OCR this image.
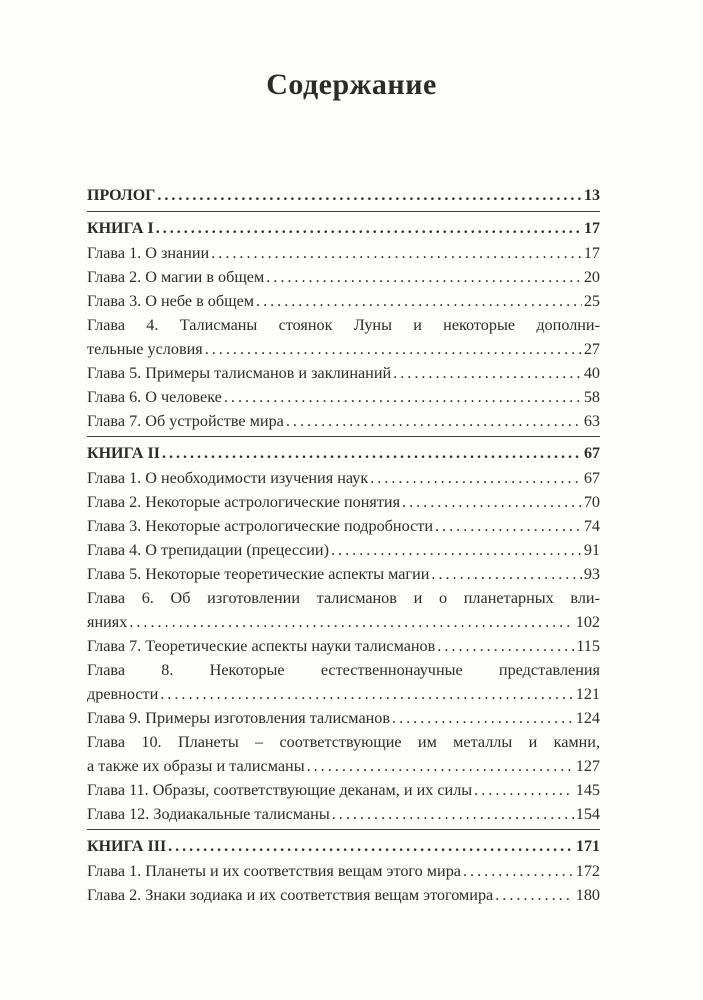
Содержание
ПРОЛОГ .....	13
КНИГА I .....	17
Глава 1. О знании .....	17
Глава 2. О магии в общем .....	20
Глава 3. О небе в общем .....	25
Глава 4. Талисманы стоянок Луны и некоторые дополни-
тельные условия .....	27
Глава 5. Примеры талисманов и заклинаний .....	40
Глава 6. О человеке .....	58
Глава 7. Об устройстве мира .....	63
КНИГА II .....	67
Глава 1. О необходимости изучения наук .....	67
Глава 2. Некоторые астрологические понятия .....	70
Глава 3. Некоторые астрологические подробности .....	74
Глава 4. О трепидации (прецессии) .....	91
Глава 5. Некоторые теоретические аспекты магии .....	93
Глава 6. Об изготовлении талисманов и о планетарных вли-
яниях .....	102
Глава 7. Теоретические аспекты науки талисманов .....	115
Глава 8. Некоторые естественнонаучные представления
древности .....	121
Глава 9. Примеры изготовления талисманов .....	124
Глава 10. Планеты – соответствующие им металлы и камни,
а также их образы и талисманы .....	127
Глава 11. Образы, соответствующие деканам, и их силы .....	145
Глава 12. Зодиакальные талисманы .....	154
КНИГА III .....	171
Глава 1. Планеты и их соответствия вещам этого мира .....	172
Глава 2. Знаки зодиака и их соответствия вещам этогомира .....	180
